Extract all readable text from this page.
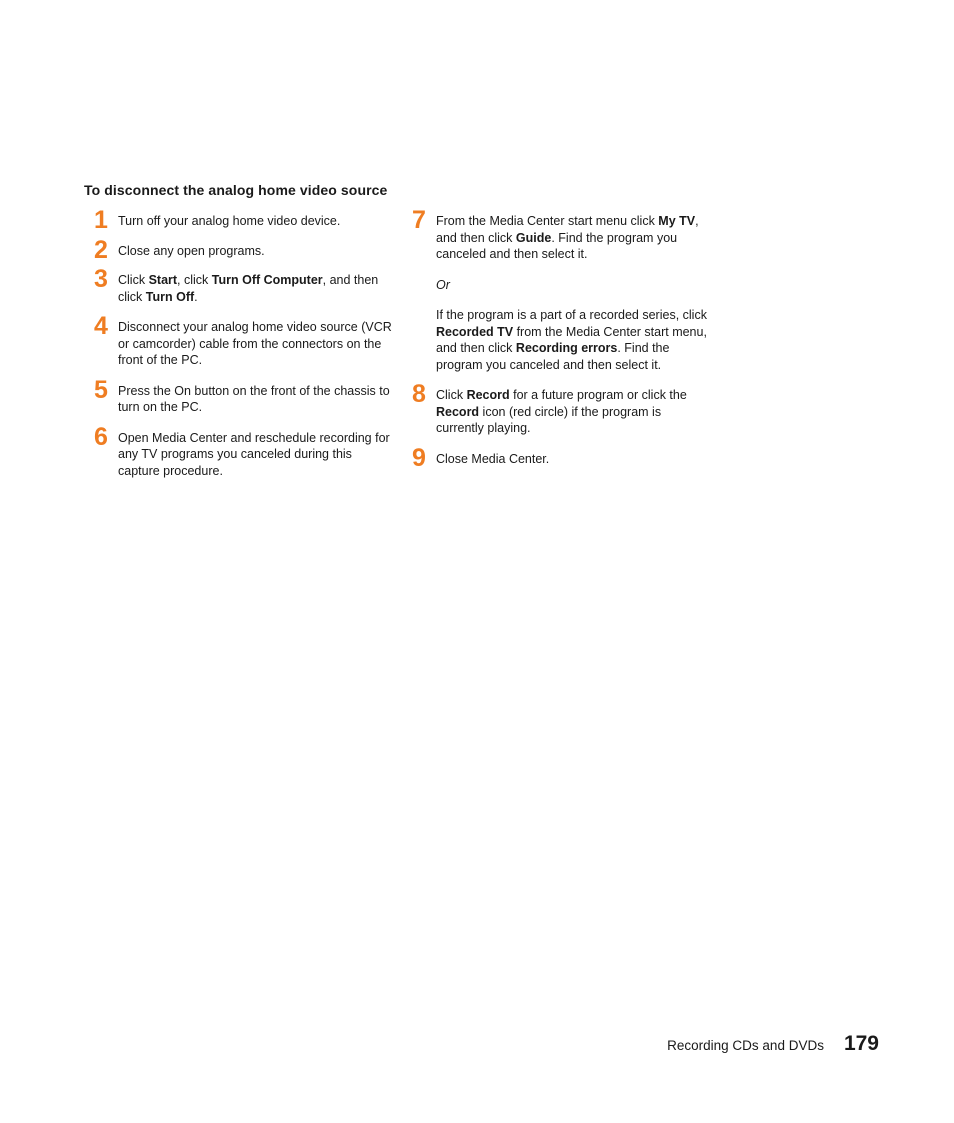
To disconnect the analog home video source
1 Turn off your analog home video device.

2 Close any open programs.

3 Click Start, click Turn Off Computer, and then click Turn Off.

4 Disconnect your analog home video source (VCR or camcorder) cable from the connectors on the front of the PC.

5 Press the On button on the front of the chassis to turn on the PC.

6 Open Media Center and reschedule recording for any TV programs you canceled during this capture procedure.

7 From the Media Center start menu click My TV, and then click Guide. Find the program you canceled and then select it.

Or

If the program is a part of a recorded series, click Recorded TV from the Media Center start menu, and then click Recording errors. Find the program you canceled and then select it.

8 Click Record for a future program or click the Record icon (red circle) if the program is currently playing.

9 Close Media Center.

Recording CDs and DVDs 179
